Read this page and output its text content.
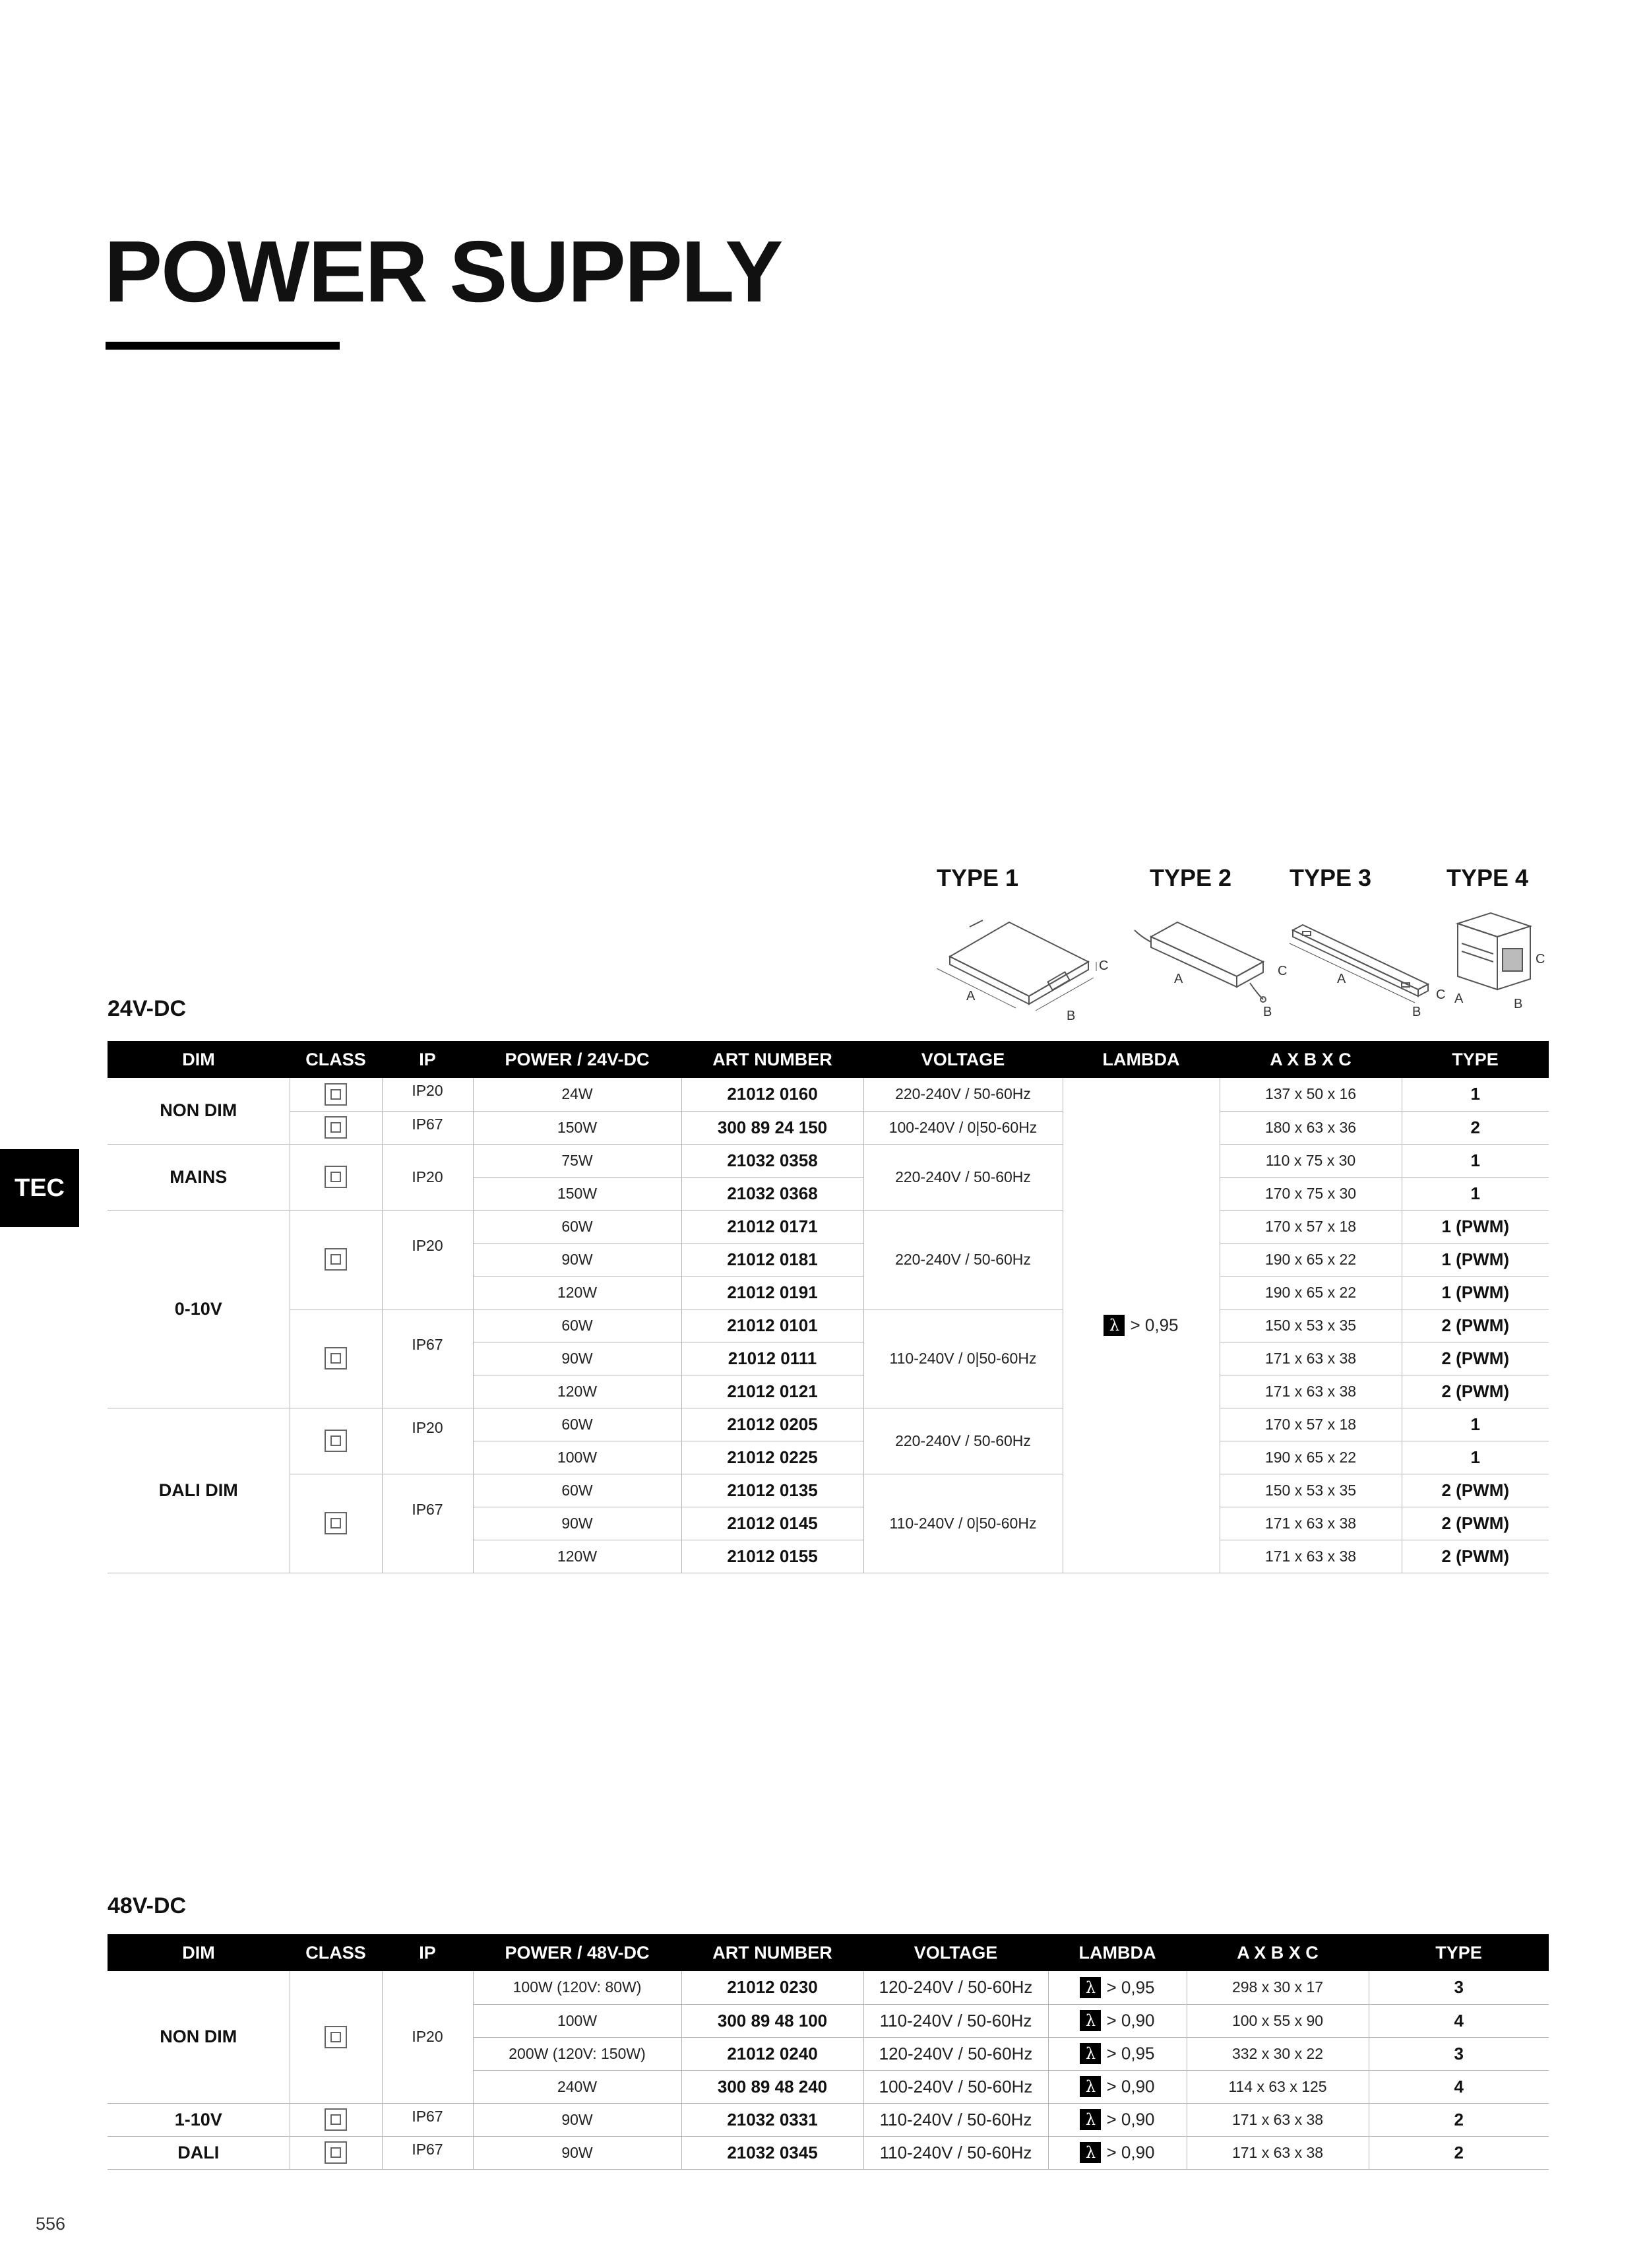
POWER SUPPLY
TYPE 1	TYPE 2 TYPE 3	TYPE 4
A
B
C
A
B
C
A
B
C A	B
C
24V-DC
DIM	CLASS	IP	POWER / 24V-DC	ART NUMBER	VOLTAGE	LAMBDA	A X B X C	TYPE
NON DIM		IP20	24W	21012 0160	220-240V / 50-60Hz	λ > 0,95	137 x 50 x 16	1
		IP67	150W	300 89 24 150	100-240V / 0|50-60Hz		180 x 63 x 36	2
MAINS		IP20	75W	21032 0358	220-240V / 50-60Hz		110 x 75 x 30	1
			150W	21032 0368			170 x 75 x 30	1
0-10V		IP20	60W	21012 0171	220-240V / 50-60Hz		170 x 57 x 18	1 (PWM)
			90W	21012 0181			190 x 65 x 22	1 (PWM)
			120W	21012 0191			190 x 65 x 22	1 (PWM)
		IP67	60W	21012 0101	110-240V / 0|50-60Hz		150 x 53 x 35	2 (PWM)
			90W	21012 0111			171 x 63 x 38	2 (PWM)
			120W	21012 0121			171 x 63 x 38	2 (PWM)
DALI DIM		IP20	60W	21012 0205	220-240V / 50-60Hz		170 x 57 x 18	1
			100W	21012 0225			190 x 65 x 22	1
		IP67	60W	21012 0135	110-240V / 0|50-60Hz		150 x 53 x 35	2 (PWM)
			90W	21012 0145			171 x 63 x 38	2 (PWM)
			120W	21012 0155			171 x 63 x 38	2 (PWM)
48V-DC
DIM	CLASS	IP	POWER / 48V-DC	ART NUMBER	VOLTAGE	LAMBDA	A X B X C	TYPE
NON DIM		IP20	100W (120V: 80W)	21012 0230	120-240V / 50-60Hz	λ > 0,95	298 x 30 x 17	3
			100W	300 89 48 100	110-240V / 50-60Hz	λ > 0,90	100 x 55 x 90	4
			200W (120V: 150W)	21012 0240	120-240V / 50-60Hz	λ > 0,95	332 x 30 x 22	3
			240W	300 89 48 240	100-240V / 50-60Hz	λ > 0,90	114 x 63 x 125	4
1-10V		IP67	90W	21032 0331	110-240V / 50-60Hz	λ > 0,90	171 x 63 x 38	2
DALI		IP67	90W	21032 0345	110-240V / 50-60Hz	λ > 0,90	171 x 63 x 38	2
TEC
556
